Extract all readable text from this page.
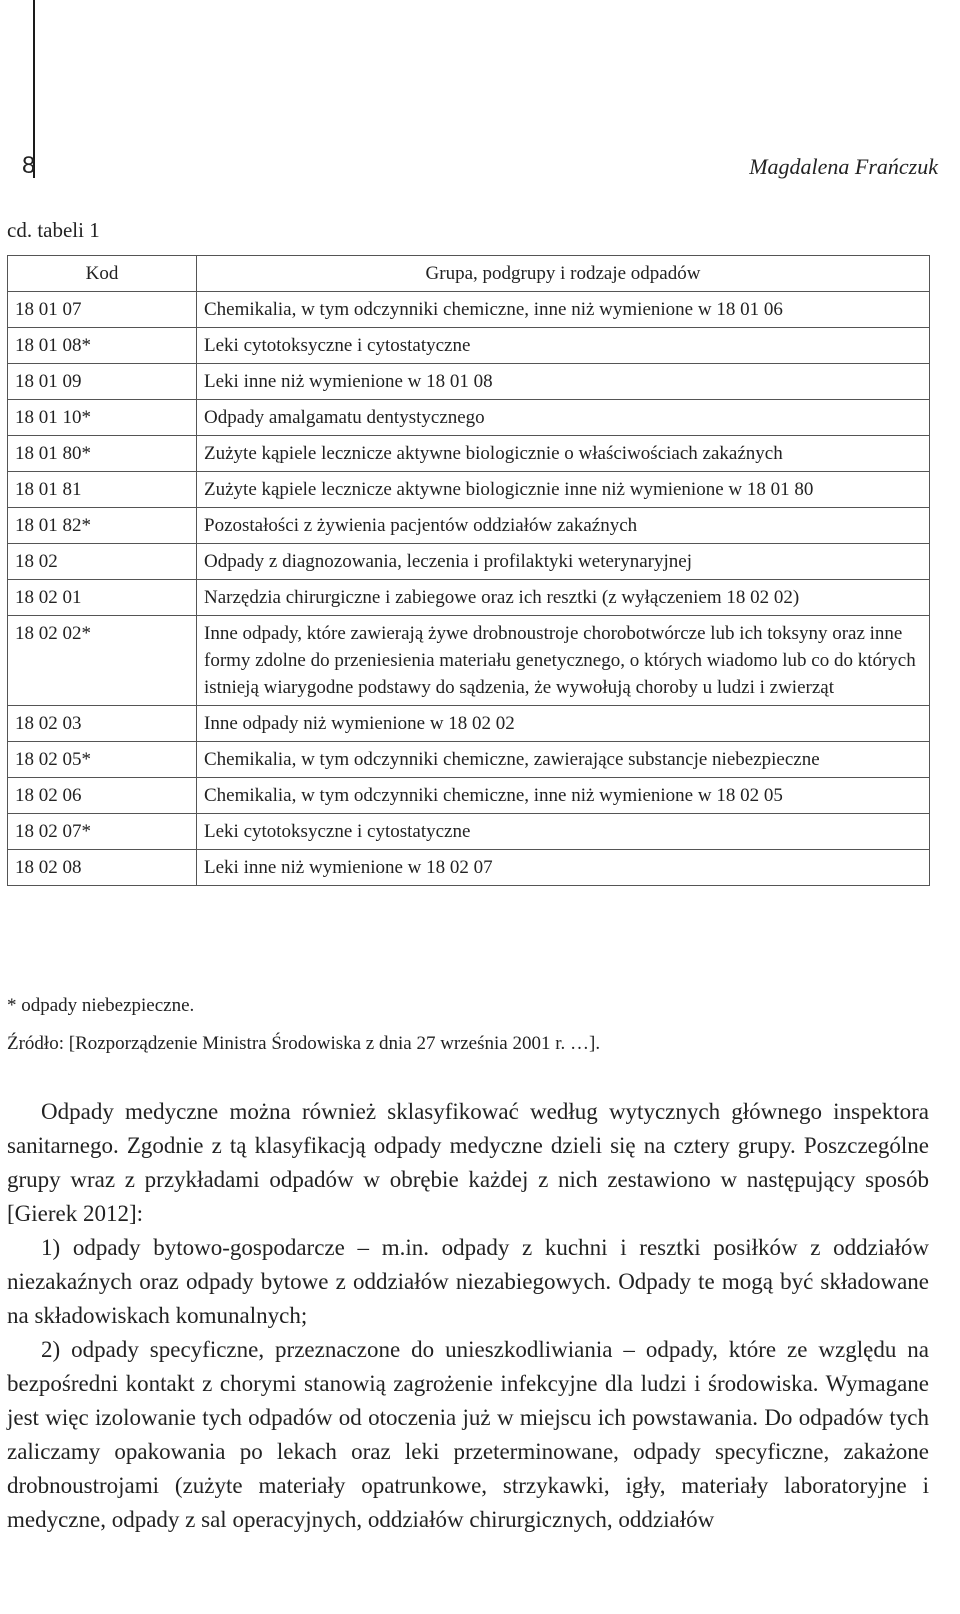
8	Magdalena Frańczuk
cd. tabeli 1
Kod	Grupa, podgrupy i rodzaje odpadów
18 01 07	Chemikalia, w tym odczynniki chemiczne, inne niż wymienione w 18 01 06
18 01 08*	Leki cytotoksyczne i cytostatyczne
18 01 09	Leki inne niż wymienione w 18 01 08
18 01 10*	Odpady amalgamatu dentystycznego
18 01 80*	Zużyte kąpiele lecznicze aktywne biologicznie o właściwościach zakaźnych
18 01 81	Zużyte kąpiele lecznicze aktywne biologicznie inne niż wymienione w 18 01 80
18 01 82*	Pozostałości z żywienia pacjentów oddziałów zakaźnych
18 02	Odpady z diagnozowania, leczenia i profilaktyki weterynaryjnej
18 02 01	Narzędzia chirurgiczne i zabiegowe oraz ich resztki (z wyłączeniem 18 02 02)
18 02 02*	Inne odpady, które zawierają żywe drobnoustroje chorobotwórcze lub ich toksyny oraz inne formy zdolne do przeniesienia materiału genetycznego, o których wiadomo lub co do których istnieją wiarygodne podstawy do sądzenia, że wywołują choroby u ludzi i zwierząt
18 02 03	Inne odpady niż wymienione w 18 02 02
18 02 05*	Chemikalia, w tym odczynniki chemiczne, zawierające substancje niebezpieczne
18 02 06	Chemikalia, w tym odczynniki chemiczne, inne niż wymienione w 18 02 05
18 02 07*	Leki cytotoksyczne i cytostatyczne
18 02 08	Leki inne niż wymienione w 18 02 07
* odpady niebezpieczne.
Źródło: [Rozporządzenie Ministra Środowiska z dnia 27 września 2001 r. …].

Odpady medyczne można również sklasyfikować według wytycznych głównego inspektora sanitarnego. Zgodnie z tą klasyfikacją odpady medyczne dzieli się na cztery grupy. Poszczególne grupy wraz z przykładami odpadów w obrębie każdej z nich zestawiono w następujący sposób [Gierek 2012]:

1) odpady bytowo-gospodarcze – m.in. odpady z kuchni i resztki posiłków z oddziałów niezakaźnych oraz odpady bytowe z oddziałów niezabiegowych. Odpady te mogą być składowane na składowiskach komunalnych;

2) odpady specyficzne, przeznaczone do unieszkodliwiania – odpady, które ze względu na bezpośredni kontakt z chorymi stanowią zagrożenie infekcyjne dla ludzi i środowiska. Wymagane jest więc izolowanie tych odpadów od otoczenia już w miejscu ich powstawania. Do odpadów tych zaliczamy opakowania po lekach oraz leki przeterminowane, odpady specyficzne, zakażone drobnoustrojami (zużyte materiały opatrunkowe, strzykawki, igły, materiały laboratoryjne i medyczne, odpady z sal operacyjnych, oddziałów chirurgicznych, oddziałów
